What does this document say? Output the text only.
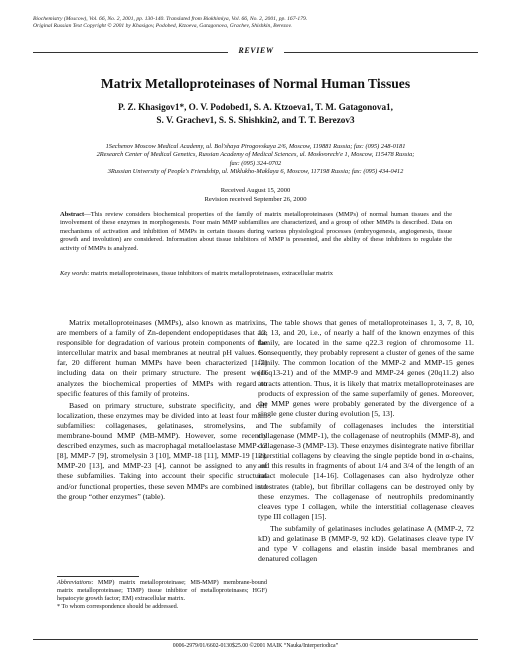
Biochemistry (Moscow), Vol. 66, No. 2, 2001, pp. 130-140. Translated from Biokhimiya, Vol. 66, No. 2, 2001, pp. 167-179.
Original Russian Text Copyright © 2001 by Khasigov, Podobed, Ktzoeva, Gatagonova, Grachev, Shishkin, Berezov.
REVIEW
Matrix Metalloproteinases of Normal Human Tissues
P. Z. Khasigov1*, O. V. Podobed1, S. A. Ktzoeva1, T. M. Gatagonova1,
S. V. Grachev1, S. S. Shishkin2, and T. T. Berezov3
1Sechenov Moscow Medical Academy, ul. Bol'shaya Pirogovskaya 2/6, Moscow, 119881 Russia; fax: (095) 248-0181
2Research Center of Medical Genetics, Russian Academy of Medical Sciences, ul. Moskvorech'e 1, Moscow, 115478 Russia;
fax: (095) 324-0702
3Russian University of People's Friendship, ul. Miklukho-Maklaya 6, Moscow, 117198 Russia; fax: (095) 434-0412
Received August 15, 2000
Revision received September 26, 2000
Abstract—This review considers biochemical properties of the family of matrix metalloproteinases (MMPs) of normal human tissues and the involvement of these enzymes in morphogenesis. Four main MMP subfamilies are characterized, and a group of other MMPs is described. Data on mechanisms of activation and inhibition of MMPs in certain tissues during various physiological processes (embryogenesis, angiogenesis, tissue growth and involution) are considered. Information about tissue inhibitors of MMP is presented, and the ability of these inhibitors to regulate the activity of MMPs is analyzed.
Key words: matrix metalloproteinases, tissue inhibitors of matrix metalloproteinases, extracellular matrix

Matrix metalloproteinases (MMPs), also known as matrixins, are members of a family of Zn-dependent endopeptidases that are responsible for degradation of various protein components of the intercellular matrix and basal membranes at neutral pH values. So far, 20 different human MMPs have been characterized [1-7] including data on their primary structure. The present work analyzes the biochemical properties of MMPs with regard to specific features of this family of proteins.

Based on primary structure, substrate specificity, and cell localization, these enzymes may be divided into at least four main subfamilies: collagenases, gelatinases, stromelysins, and membrane-bound MMP (MB-MMP). However, some recently described enzymes, such as macrophagal metalloelastase MMP-12 [8], MMP-7 [9], stromelysin 3 [10], MMP-18 [11], MMP-19 [12], MMP-20 [13], and MMP-23 [4], cannot be assigned to any of these subfamilies. Taking into account their specific structural and/or functional properties, these seven MMPs are combined into the group “other enzymes” (table).

Abbreviations: MMP) matrix metalloproteinase; MB-MMP) membrane-bound matrix metalloproteinase; TIMP) tissue inhibitor of metalloproteinases; HGF) hepatocyte growth factor; EM) extracellular matrix.
* To whom correspondence should be addressed.

The table shows that genes of metalloproteinases 1, 3, 7, 8, 10, 12, 13, and 20, i.e., of nearly a half of the known enzymes of this family, are located in the same q22.3 region of chromosome 11. Consequently, they probably represent a cluster of genes of the same family. The common location of the MMP-2 and MMP-15 genes (16q13-21) and of the MMP-9 and MMP-24 genes (20q11.2) also attracts attention. Thus, it is likely that matrix metalloproteinases are products of expression of the same superfamily of genes. Moreover, the MMP genes were probably generated by the divergence of a single gene cluster during evolution [5, 13].

The subfamily of collagenases includes the interstitial collagenase (MMP-1), the collagenase of neutrophils (MMP-8), and collagenase-3 (MMP-13). These enzymes disintegrate native fibrillar interstitial collagens by cleaving the single peptide bond in α-chains, and this results in fragments of about 1/4 and 3/4 of the length of an intact molecule [14-16]. Collagenases can also hydrolyze other substrates (table), but fibrillar collagens can be destroyed only by these enzymes. The collagenase of neutrophils predominantly cleaves type I collagen, while the interstitial collagenase cleaves type III collagen [15].

The subfamily of gelatinases includes gelatinase A (MMP-2, 72 kD) and gelatinase B (MMP-9, 92 kD). Gelatinases cleave type IV and type V collagens and elastin inside basal membranes and denatured collagen

0006-2979/01/6602-0130$25.00 ©2001 MAIK “Nauka/Interperiodica”
